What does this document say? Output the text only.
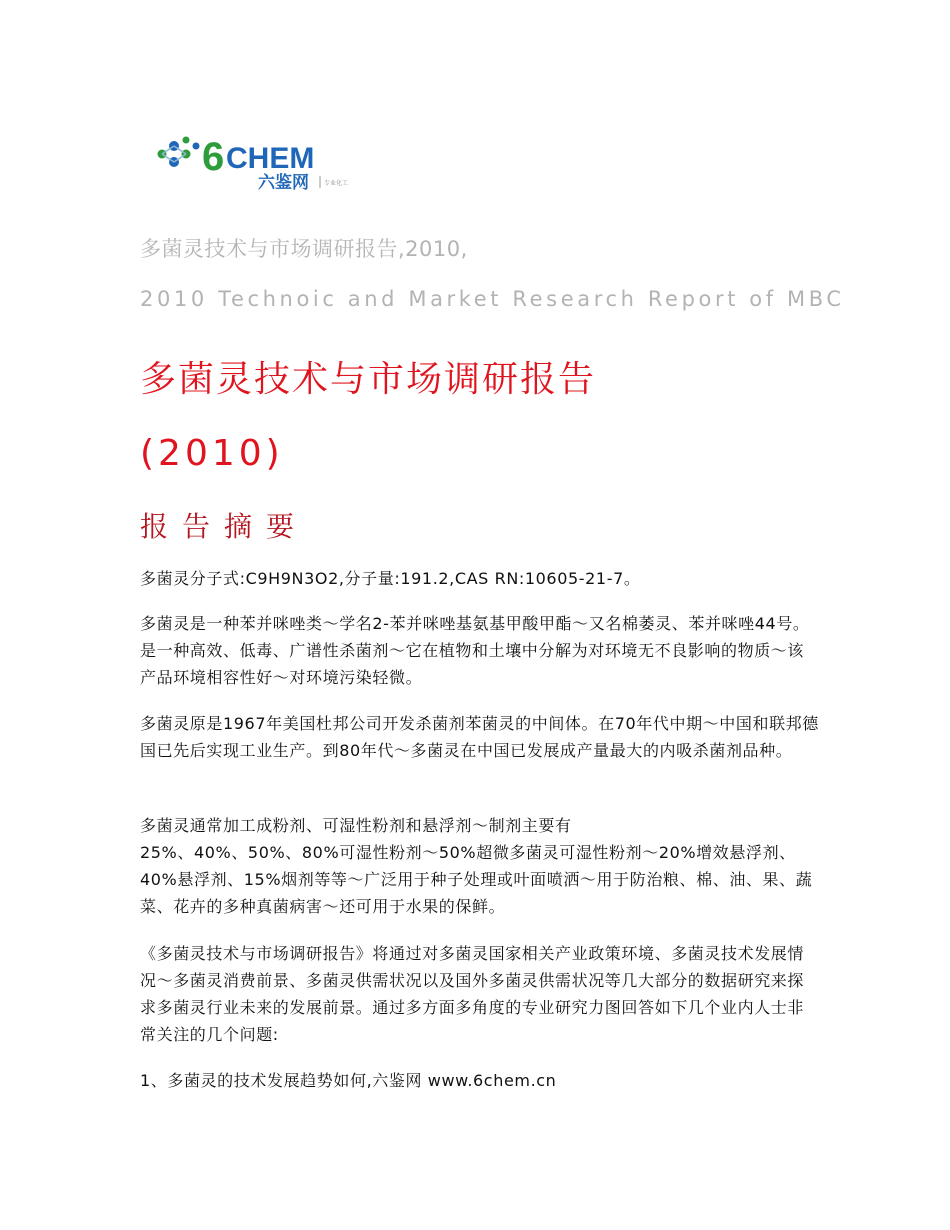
6 CHEM
六鉴网	专业化工
多菌灵技术与市场调研报告,2010,
2010 Technoic and Market Research Report of MBC
多菌灵技术与市场调研报告
(2010)
报告摘要

多菌灵分子式:C9H9N3O2,分子量:191.2,CAS RN:10605-21-7。

多菌灵是一种苯并咪唑类～学名2-苯并咪唑基氨基甲酸甲酯～又名棉萎灵、苯并咪唑44号。是一种高效、低毒、广谱性杀菌剂～它在植物和土壤中分解为对环境无不良影响的物质～该产品环境相容性好～对环境污染轻微。

多菌灵原是1967年美国杜邦公司开发杀菌剂苯菌灵的中间体。在70年代中期～中国和联邦德国已先后实现工业生产。到80年代～多菌灵在中国已发展成产量最大的内吸杀菌剂品种。

多菌灵通常加工成粉剂、可湿性粉剂和悬浮剂～制剂主要有

25%、40%、50%、80%可湿性粉剂～50%超微多菌灵可湿性粉剂～20%增效悬浮剂、40%悬浮剂、15%烟剂等等～广泛用于种子处理或叶面喷洒～用于防治粮、棉、油、果、蔬菜、花卉的多种真菌病害～还可用于水果的保鲜。

《多菌灵技术与市场调研报告》将通过对多菌灵国家相关产业政策环境、多菌灵技术发展情况～多菌灵消费前景、多菌灵供需状况以及国外多菌灵供需状况等几大部分的数据研究来探求多菌灵行业未来的发展前景。通过多方面多角度的专业研究力图回答如下几个业内人士非常关注的几个问题:

1、多菌灵的技术发展趋势如何,六鉴网 www.6chem.cn
